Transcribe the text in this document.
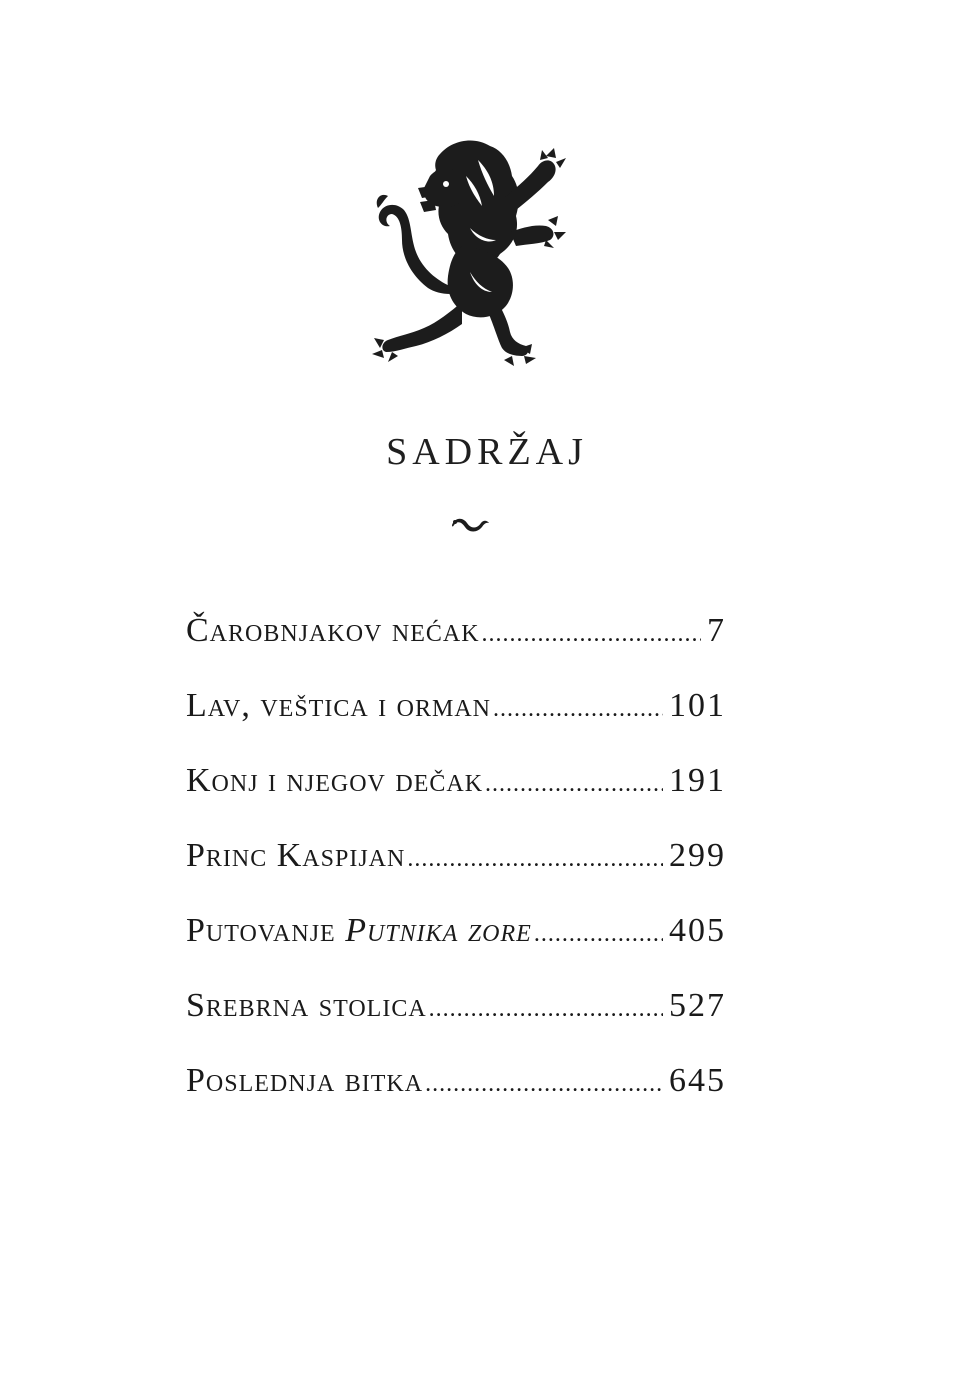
SADRŽAJ
Čarobnjakov nećak .....	7
Lav, veštica i orman .....	101
Konj i njegov dečak .....	191
Princ Kaspijan .....	299
Putovanje Putnika zore .....	405
Srebrna stolica .....	527
Poslednja bitka .....	645
